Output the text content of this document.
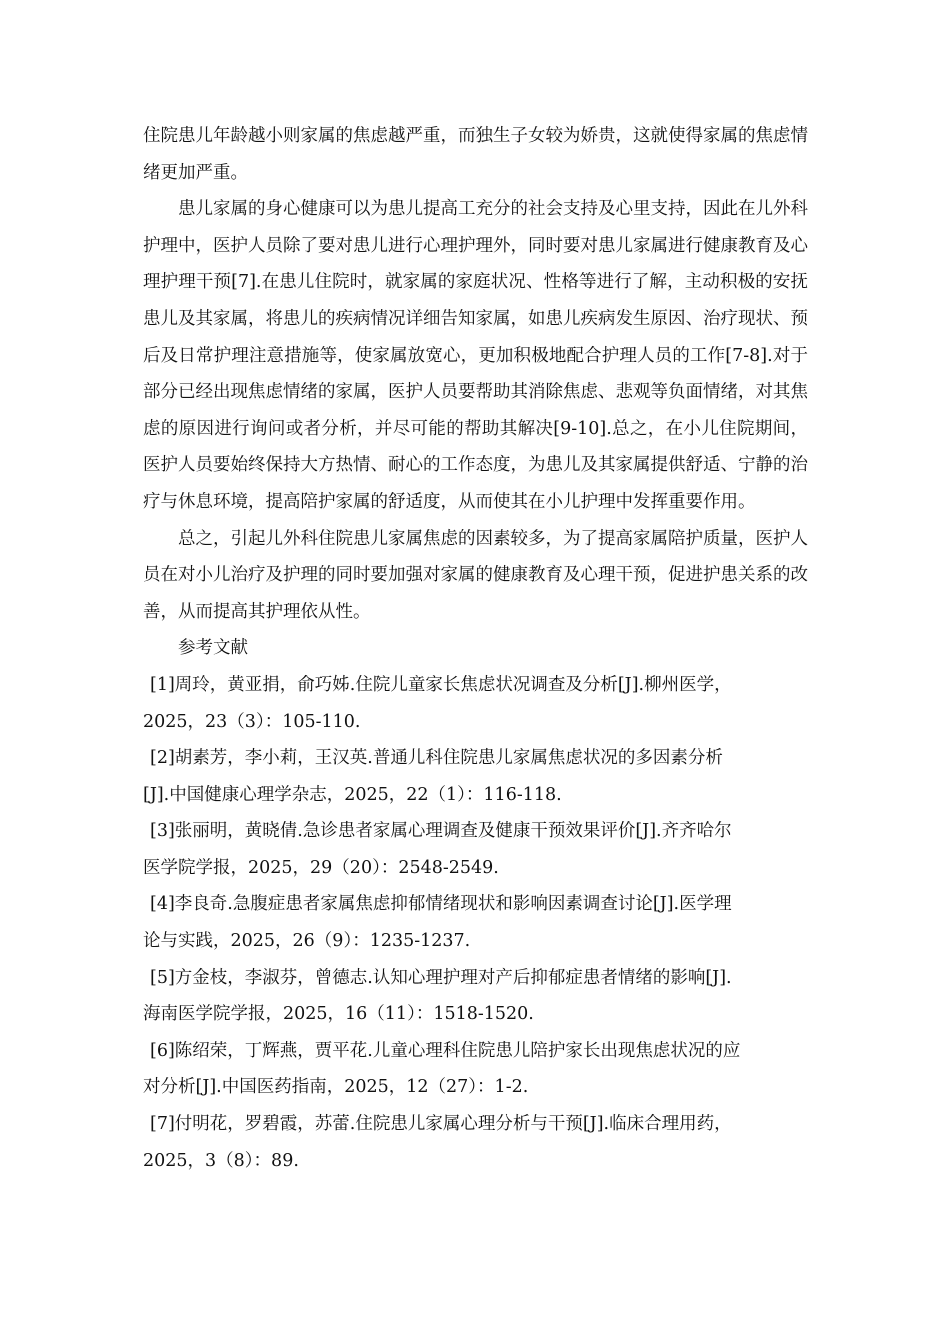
住院患儿年龄越小则家属的焦虑越严重，而独生子女较为娇贵，这就使得家属的焦虑情绪更加严重。

患儿家属的身心健康可以为患儿提高工充分的社会支持及心里支持，因此在儿外科护理中，医护人员除了要对患儿进行心理护理外，同时要对患儿家属进行健康教育及心理护理干预[7].在患儿住院时，就家属的家庭状况、性格等进行了解，主动积极的安抚患儿及其家属，将患儿的疾病情况详细告知家属，如患儿疾病发生原因、治疗现状、预后及日常护理注意措施等，使家属放宽心，更加积极地配合护理人员的工作[7-8].对于部分已经出现焦虑情绪的家属，医护人员要帮助其消除焦虑、悲观等负面情绪，对其焦虑的原因进行询问或者分析，并尽可能的帮助其解决[9-10].总之，在小儿住院期间，医护人员要始终保持大方热情、耐心的工作态度，为患儿及其家属提供舒适、宁静的治疗与休息环境，提高陪护家属的舒适度，从而使其在小儿护理中发挥重要作用。

总之，引起儿外科住院患儿家属焦虑的因素较多，为了提高家属陪护质量，医护人员在对小儿治疗及护理的同时要加强对家属的健康教育及心理干预，促进护患关系的改善，从而提高其护理依从性。

参考文献

[1]周玲，黄亚捐，俞巧姊.住院儿童家长焦虑状况调查及分析[J].柳州医学，
2025，23（3）：105-110.

[2]胡素芳，李小莉，王汉英.普通儿科住院患儿家属焦虑状况的多因素分析
[J].中国健康心理学杂志，2025，22（1）：116-118.

[3]张丽明，黄晓倩.急诊患者家属心理调查及健康干预效果评价[J].齐齐哈尔
医学院学报，2025，29（20）：2548-2549.

[4]李良奇.急腹症患者家属焦虑抑郁情绪现状和影响因素调查讨论[J].医学理
论与实践，2025，26（9）：1235-1237.

[5]方金枝，李淑芬，曾德志.认知心理护理对产后抑郁症患者情绪的影响[J].
海南医学院学报，2025，16（11）：1518-1520.

[6]陈绍荣，丁辉燕，贾平花.儿童心理科住院患儿陪护家长出现焦虑状况的应
对分析[J].中国医药指南，2025，12（27）：1-2.

[7]付明花，罗碧霞，苏蕾.住院患儿家属心理分析与干预[J].临床合理用药，
2025，3（8）：89.
